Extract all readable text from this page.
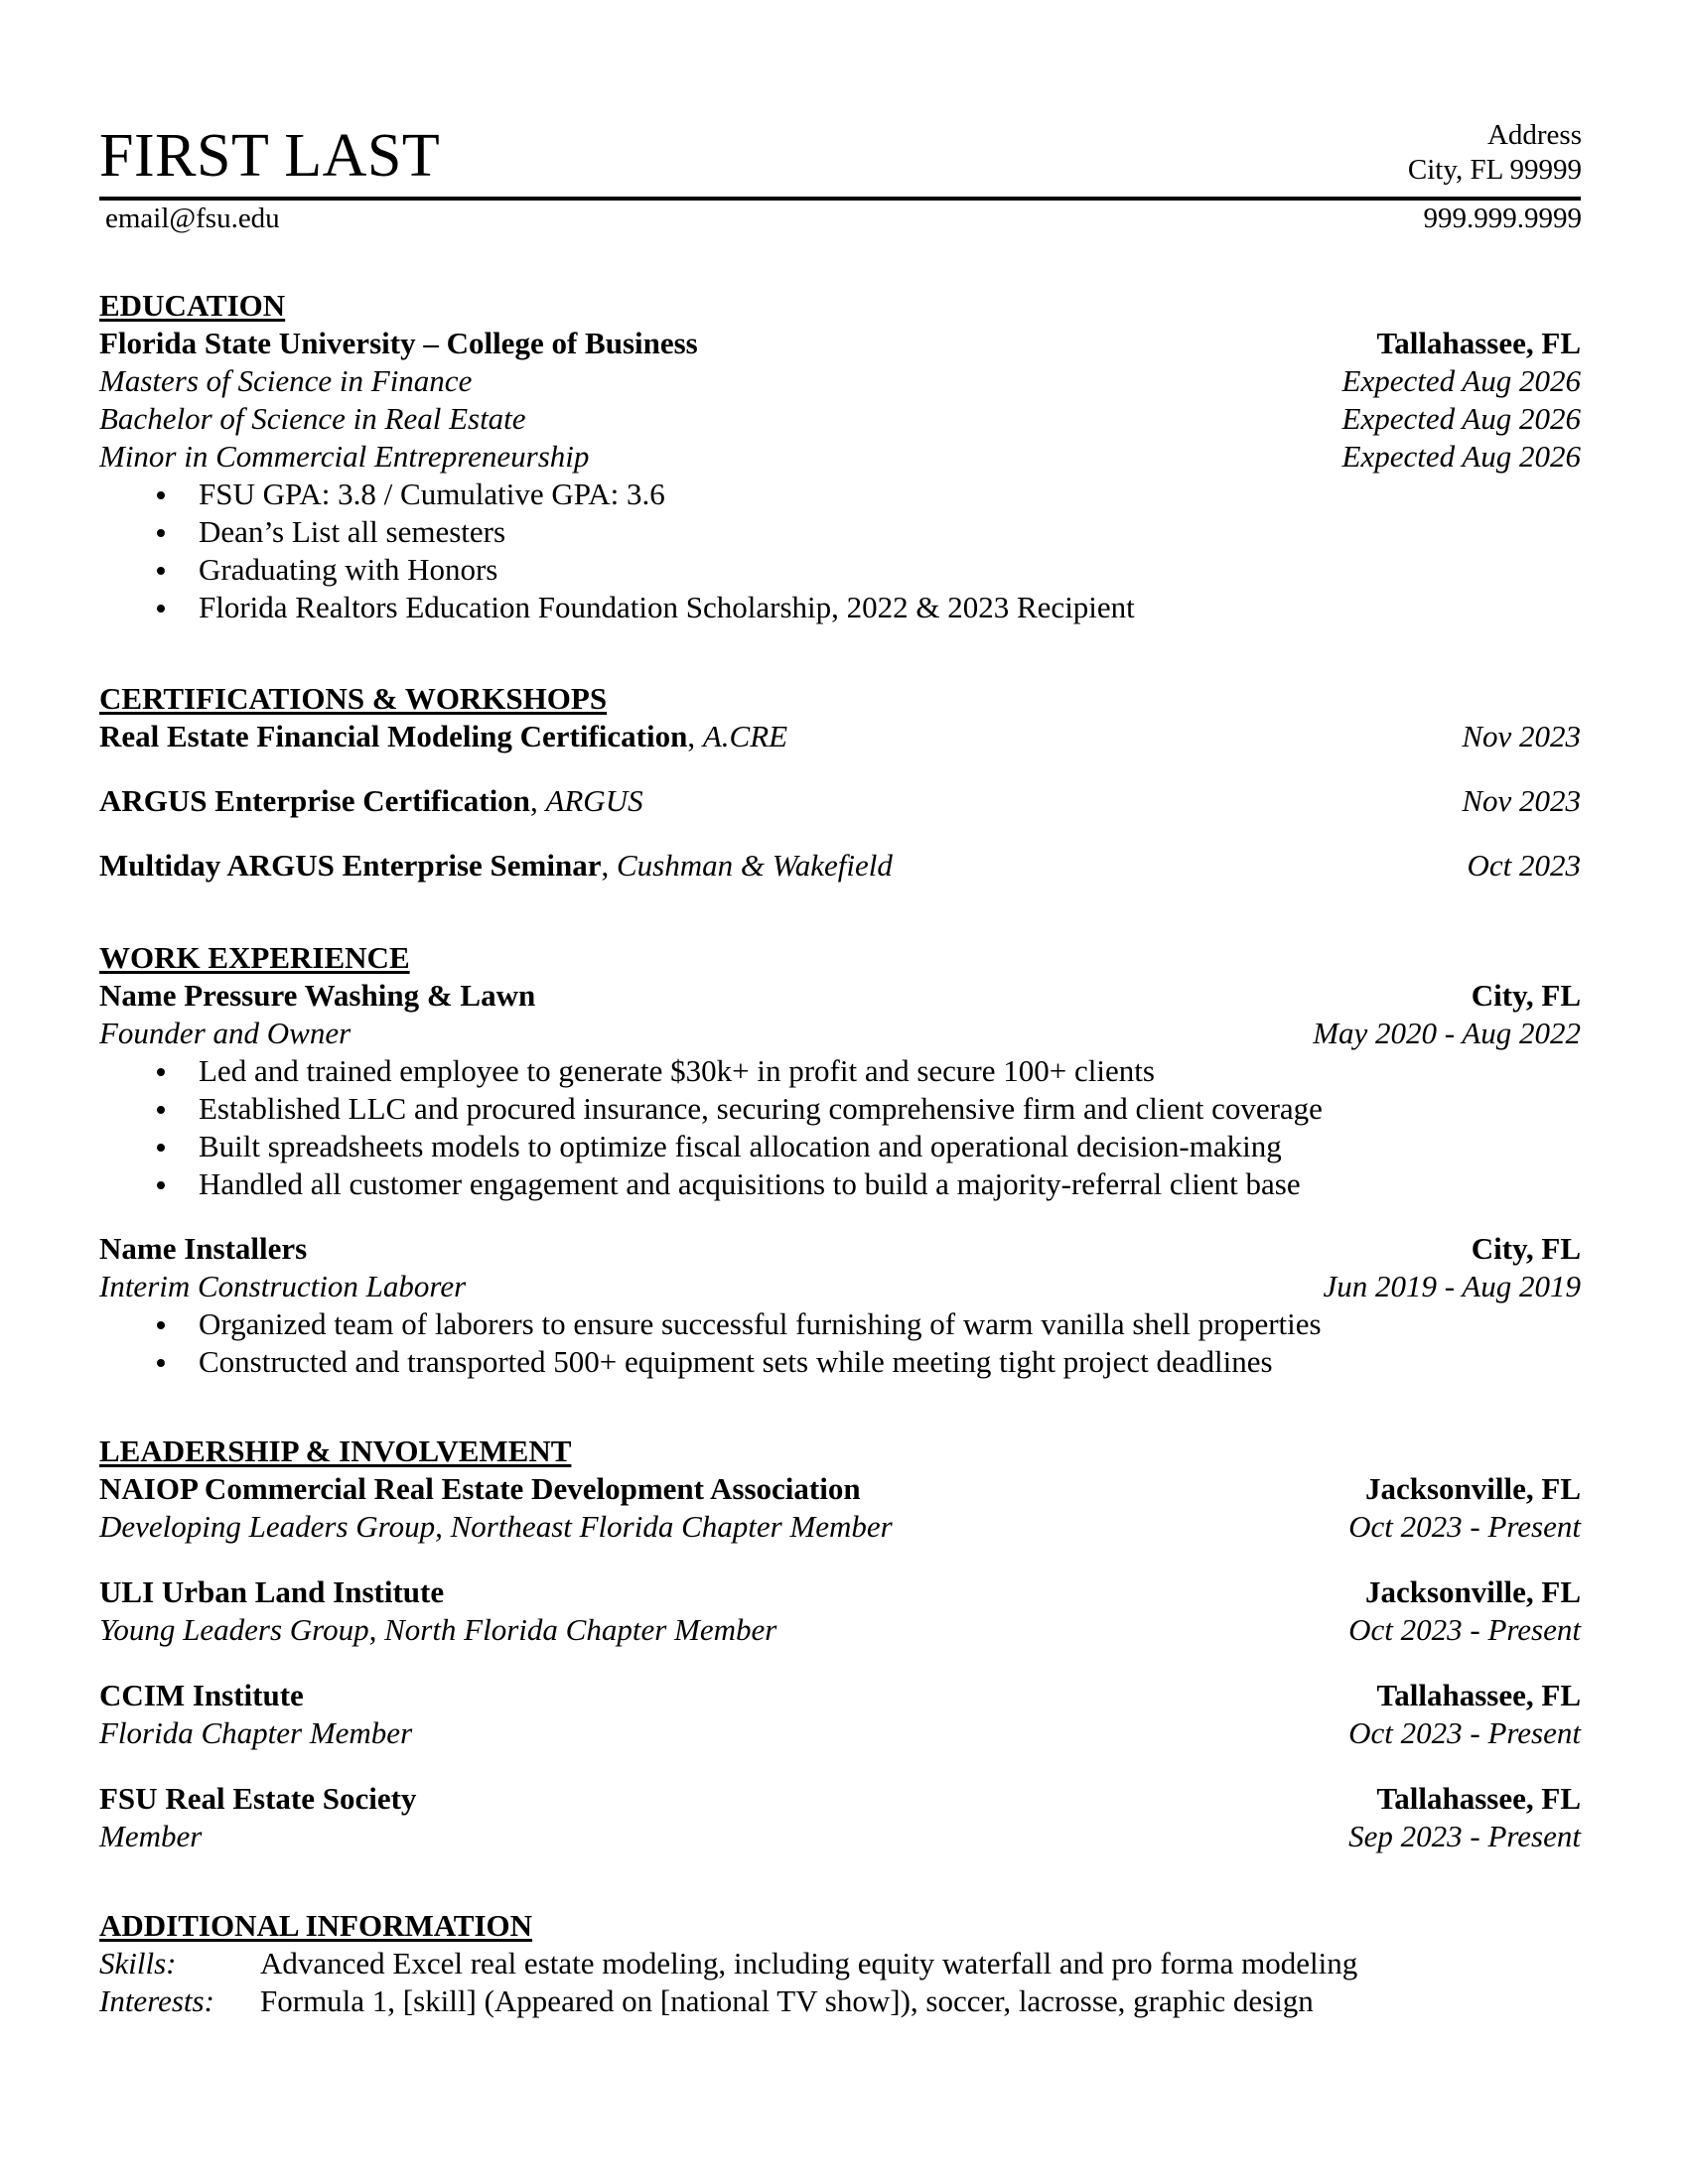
FIRST LAST	Address
City, FL 99999
email@fsu.edu	999.999.9999
EDUCATION
Florida State University – College of Business	Tallahassee, FL
Masters of Science in Finance	Expected Aug 2026
Bachelor of Science in Real Estate	Expected Aug 2026
Minor in Commercial Entrepreneurship	Expected Aug 2026
FSU GPA: 3.8 / Cumulative GPA: 3.6
Dean’s List all semesters
Graduating with Honors
Florida Realtors Education Foundation Scholarship, 2022 & 2023 Recipient
CERTIFICATIONS & WORKSHOPS
Real Estate Financial Modeling Certification, A.CRE	Nov 2023
ARGUS Enterprise Certification, ARGUS	Nov 2023
Multiday ARGUS Enterprise Seminar, Cushman & Wakefield	Oct 2023
WORK EXPERIENCE
Name Pressure Washing & Lawn	City, FL
Founder and Owner	May 2020 - Aug 2022
Led and trained employee to generate $30k+ in profit and secure 100+ clients
Established LLC and procured insurance, securing comprehensive firm and client coverage
Built spreadsheets models to optimize fiscal allocation and operational decision-making
Handled all customer engagement and acquisitions to build a majority-referral client base
Name Installers	City, FL
Interim Construction Laborer	Jun 2019 - Aug 2019
Organized team of laborers to ensure successful furnishing of warm vanilla shell properties
Constructed and transported 500+ equipment sets while meeting tight project deadlines
LEADERSHIP & INVOLVEMENT
NAIOP Commercial Real Estate Development Association	Jacksonville, FL
Developing Leaders Group, Northeast Florida Chapter Member	Oct 2023 - Present
ULI Urban Land Institute	Jacksonville, FL
Young Leaders Group, North Florida Chapter Member	Oct 2023 - Present
CCIM Institute	Tallahassee, FL
Florida Chapter Member	Oct 2023 - Present
FSU Real Estate Society	Tallahassee, FL
Member	Sep 2023 - Present
ADDITIONAL INFORMATION
Skills:	Advanced Excel real estate modeling, including equity waterfall and pro forma modeling
Interests: Formula 1, [skill] (Appeared on [national TV show]), soccer, lacrosse, graphic design
